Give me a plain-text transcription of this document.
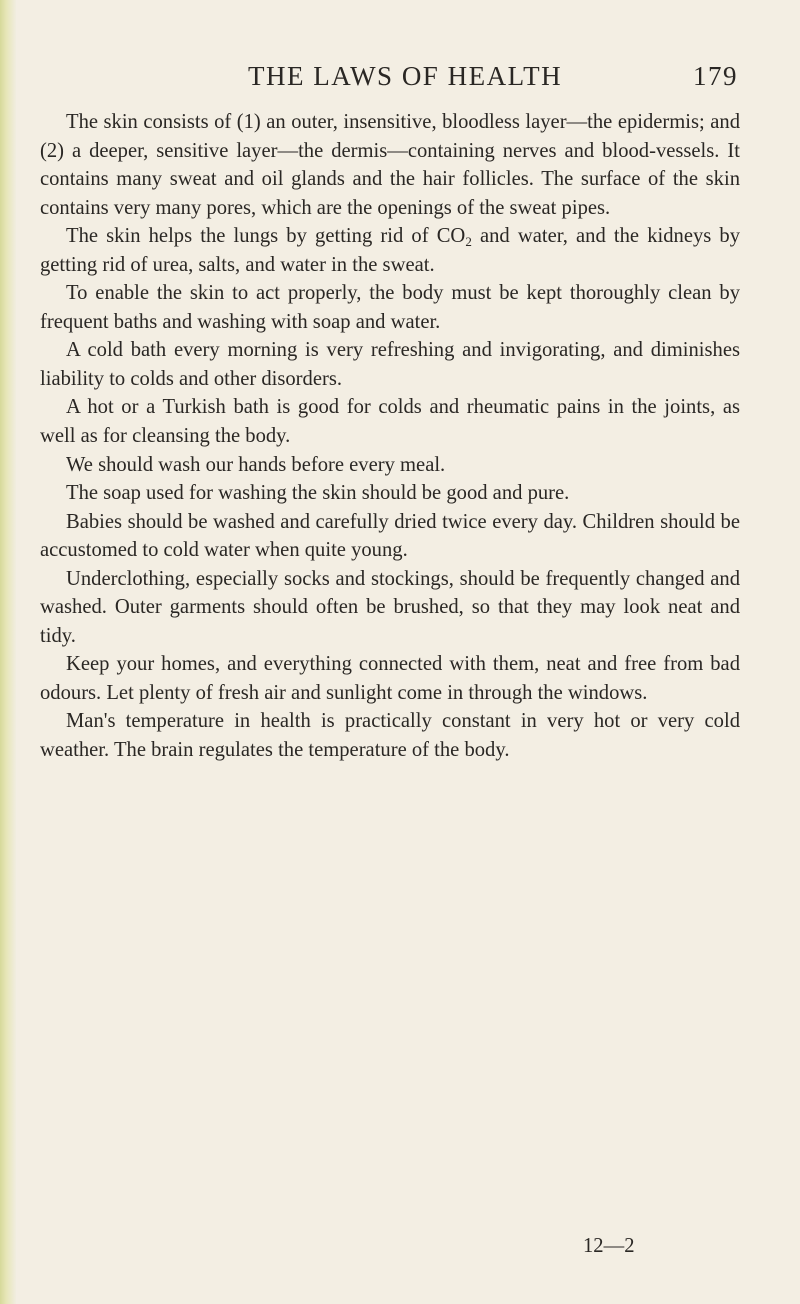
THE LAWS OF HEALTH	179

The skin consists of (1) an outer, insensitive, bloodless layer—the epidermis; and (2) a deeper, sensitive layer—the dermis—containing nerves and blood-vessels. It contains many sweat and oil glands and the hair follicles. The surface of the skin contains very many pores, which are the openings of the sweat pipes.

The skin helps the lungs by getting rid of $CO_2$ and water, and the kidneys by getting rid of urea, salts, and water in the sweat.

To enable the skin to act properly, the body must be kept thoroughly clean by frequent baths and washing with soap and water.

A cold bath every morning is very refreshing and invigorating, and diminishes liability to colds and other disorders.

A hot or a Turkish bath is good for colds and rheumatic pains in the joints, as well as for cleansing the body.

We should wash our hands before every meal.

The soap used for washing the skin should be good and pure.

Babies should be washed and carefully dried twice every day. Children should be accustomed to cold water when quite young.

Underclothing, especially socks and stockings, should be frequently changed and washed. Outer garments should often be brushed, so that they may look neat and tidy.

Keep your homes, and everything connected with them, neat and free from bad odours. Let plenty of fresh air and sunlight come in through the windows.

Man's temperature in health is practically constant in very hot or very cold weather. The brain regulates the temperature of the body.

12—2
